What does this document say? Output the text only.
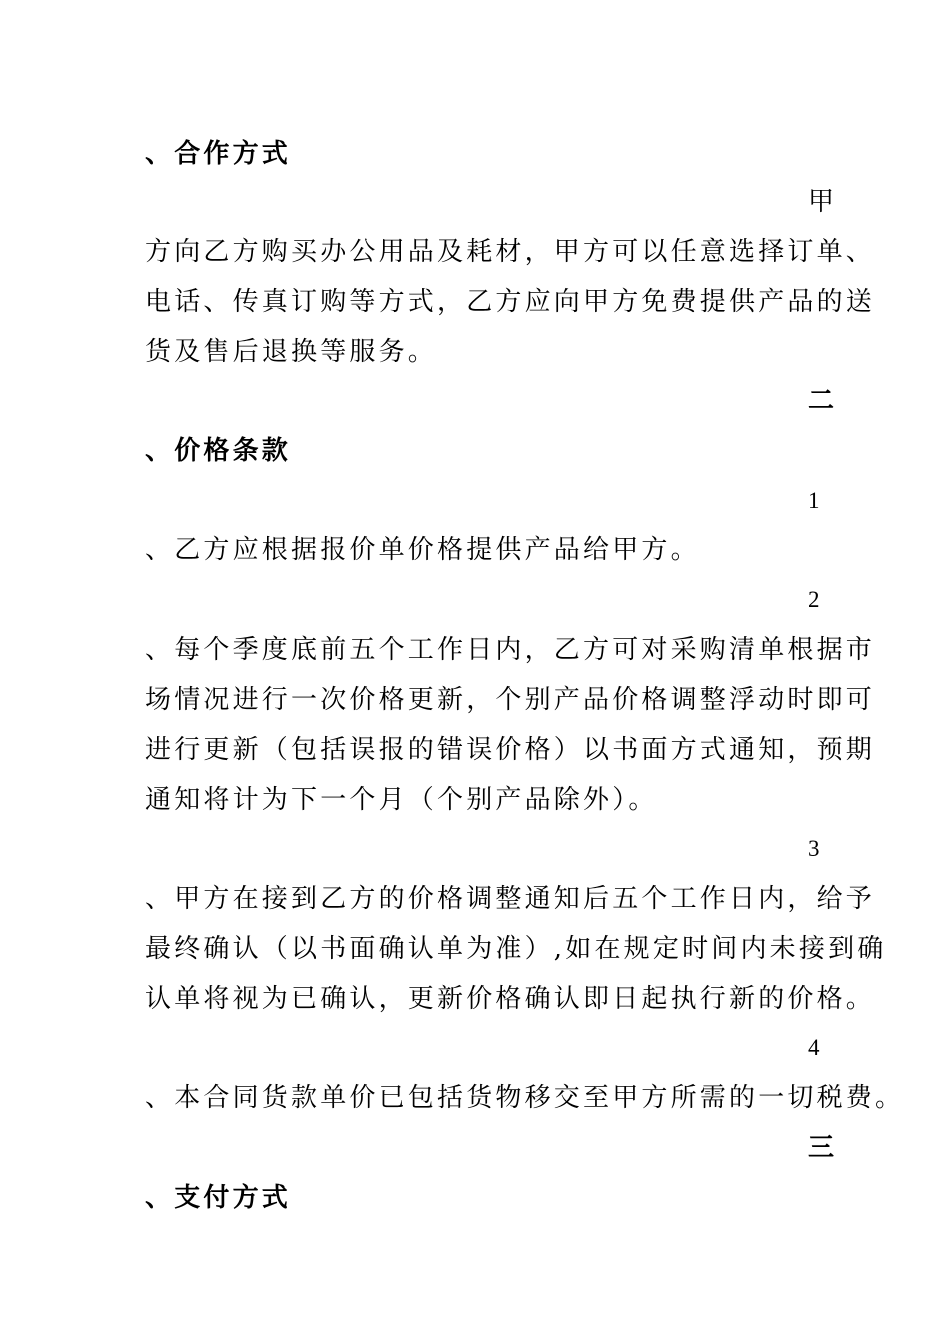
、合作方式
甲
方向乙方购买办公用品及耗材，甲方可以任意选择订单、
电话、传真订购等方式，乙方应向甲方免费提供产品的送
货及售后退换等服务。
二
、价格条款
1
、乙方应根据报价单价格提供产品给甲方。
2
、每个季度底前五个工作日内，乙方可对采购清单根据市
场情况进行一次价格更新，个别产品价格调整浮动时即可
进行更新（包括误报的错误价格）以书面方式通知，预期
通知将计为下一个月（个别产品除外）。
3
、甲方在接到乙方的价格调整通知后五个工作日内，给予
最终确认（以书面确认单为准）,如在规定时间内未接到确
认单将视为已确认，更新价格确认即日起执行新的价格。
4
、本合同货款单价已包括货物移交至甲方所需的一切税费。
三
、支付方式
